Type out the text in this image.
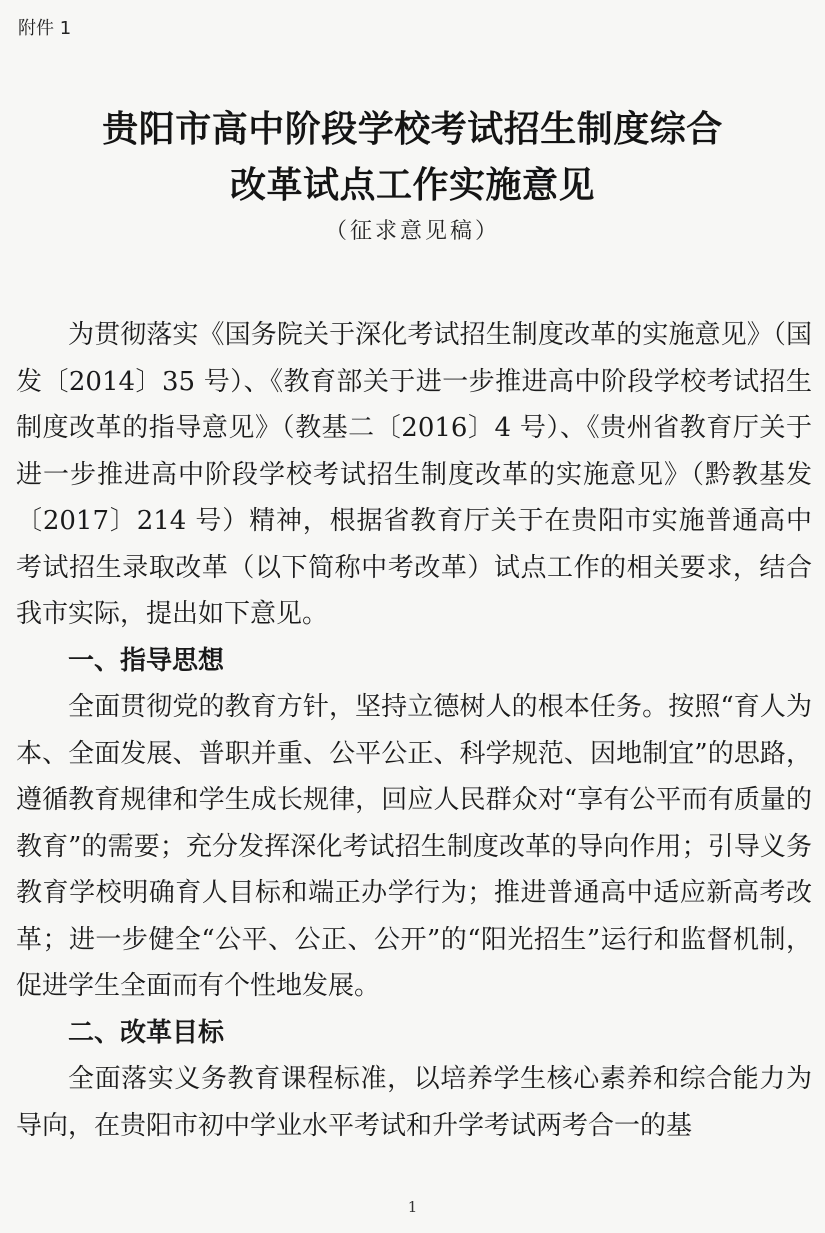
附件 1
贵阳市高中阶段学校考试招生制度综合
改革试点工作实施意见
（征求意见稿）

为贯彻落实《国务院关于深化考试招生制度改革的实施意见》（国发〔2014〕35 号）、《教育部关于进一步推进高中阶段学校考试招生制度改革的指导意见》（教基二〔2016〕4 号）、《贵州省教育厅关于进一步推进高中阶段学校考试招生制度改革的实施意见》（黔教基发〔2017〕214 号）精神，根据省教育厅关于在贵阳市实施普通高中考试招生录取改革（以下简称中考改革）试点工作的相关要求，结合我市实际，提出如下意见。

一、指导思想

全面贯彻党的教育方针，坚持立德树人的根本任务。按照“育人为本、全面发展、普职并重、公平公正、科学规范、因地制宜”的思路，遵循教育规律和学生成长规律，回应人民群众对“享有公平而有质量的教育”的需要；充分发挥深化考试招生制度改革的导向作用；引导义务教育学校明确育人目标和端正办学行为；推进普通高中适应新高考改革；进一步健全“公平、公正、公开”的“阳光招生”运行和监督机制，促进学生全面而有个性地发展。

二、改革目标

全面落实义务教育课程标准，以培养学生核心素养和综合能力为导向，在贵阳市初中学业水平考试和升学考试两考合一的基

1
